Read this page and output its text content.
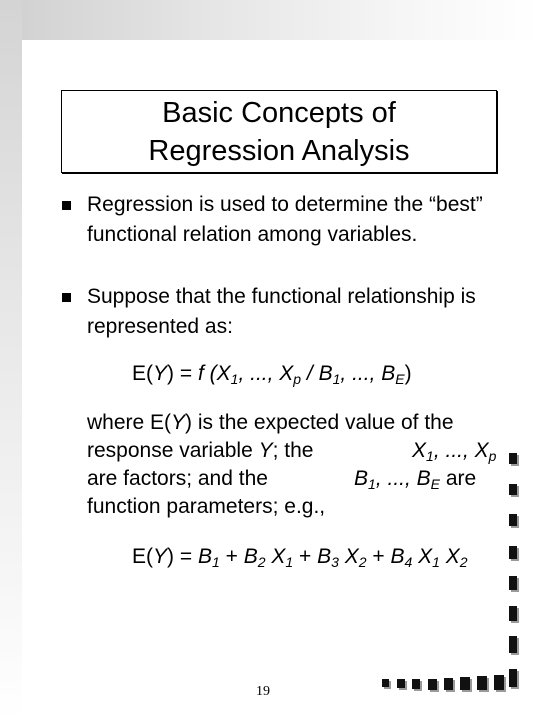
Basic Concepts of
Regression Analysis
Regression is used to determine the “best” functional relation among variables.
Suppose that the functional relationship is represented as:
E(Y) = f ($X_1$, ..., $X_p / B_1$, ..., $B_E$)
where E(Y) is the expected value of the
response variable Y; the	$X_1$, ..., $X_p$
are factors; and the	$B_1$, ..., $B_E$ are
function parameters; e.g.,
$E(Y) = B_1 + B_2$ $X_1 + B_3$ $X_2 + B_4$ $X_1$ $X_2$
19
